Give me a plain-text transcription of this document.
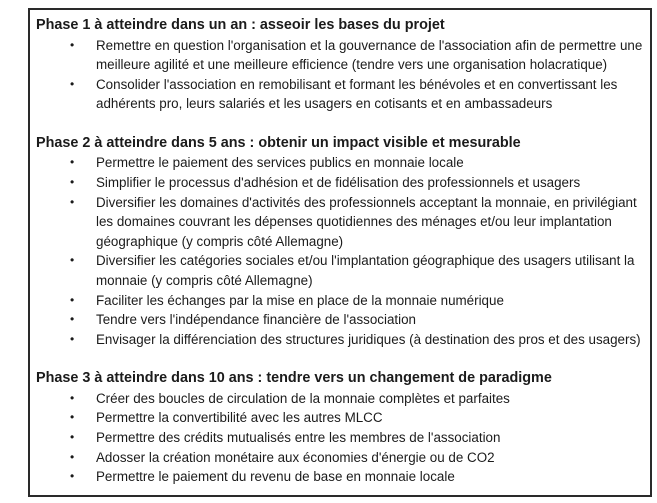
Phase 1 à atteindre dans un an : asseoir les bases du projet
•	Remettre en question l'organisation et la gouvernance de l'association afin de permettre une meilleure agilité et une meilleure efficience (tendre vers une organisation holacratique)
•	Consolider l'association en remobilisant et formant les bénévoles et en convertissant les adhérents pro, leurs salariés et les usagers en cotisants et en ambassadeurs
Phase 2 à atteindre dans 5 ans : obtenir un impact visible et mesurable
•	Permettre le paiement des services publics en monnaie locale
•	Simplifier le processus d'adhésion et de fidélisation des professionnels et usagers
•	Diversifier les domaines d'activités des professionnels acceptant la monnaie, en privilégiant les domaines couvrant les dépenses quotidiennes des ménages et/ou leur implantation géographique (y compris côté Allemagne)
•	Diversifier les catégories sociales et/ou l'implantation géographique des usagers utilisant la monnaie (y compris côté Allemagne)
•	Faciliter les échanges par la mise en place de la monnaie numérique
•	Tendre vers l'indépendance financière de l'association
•	Envisager la différenciation des structures juridiques (à destination des pros et des usagers)
Phase 3 à atteindre dans 10 ans : tendre vers un changement de paradigme
•	Créer des boucles de circulation de la monnaie complètes et parfaites
•	Permettre la convertibilité avec les autres MLCC
•	Permettre des crédits mutualisés entre les membres de l'association
•	Adosser la création monétaire aux économies d'énergie ou de CO2
•	Permettre le paiement du revenu de base en monnaie locale
